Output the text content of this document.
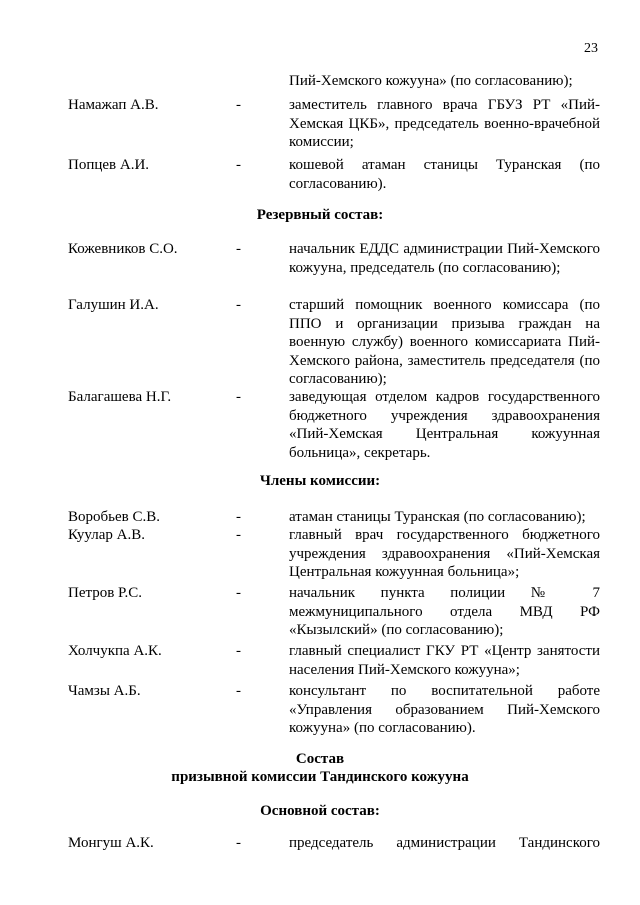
23
Пий-Хемского кожууна» (по согласованию);
Намажап А.В.	-	заместитель главного врача ГБУЗ РТ «Пий-Хемская ЦКБ», председатель военно-врачебной комиссии;
Попцев А.И.	-	кошевой атаман станицы Туранская (по согласованию).
Резервный состав:
Кожевников С.О.	-	начальник ЕДДС администрации Пий-Хемского кожууна, председатель (по согласованию);
Галушин И.А.	-	старший помощник военного комиссара (по ППО и организации призыва граждан на военную службу) военного комиссариата Пий-Хемского района, заместитель председателя (по согласованию);
Балагашева Н.Г.	-	заведующая отделом кадров государственного бюджетного учреждения здравоохранения «Пий-Хемская Центральная кожуунная больница», секретарь.
Члены комиссии:
Воробьев С.В.	-	атаман станицы Туранская (по согласованию);
Куулар А.В.	-	главный врач государственного бюджетного учреждения здравоохранения «Пий-Хемская Центральная кожуунная больница»;
Петров Р.С.	-	начальник пункта полиции № 7 межмуниципального отдела МВД РФ «Кызылский» (по согласованию);
Холчукпа А.К.	-	главный специалист ГКУ РТ «Центр занятости населения Пий-Хемского кожууна»;
Чамзы А.Б.	-	консультант по воспитательной работе «Управления образованием Пий-Хемского кожууна» (по согласованию).
Состав
призывной комиссии Тандинского кожууна
Основной состав:
Монгуш А.К.	-	председатель администрации Тандинского
